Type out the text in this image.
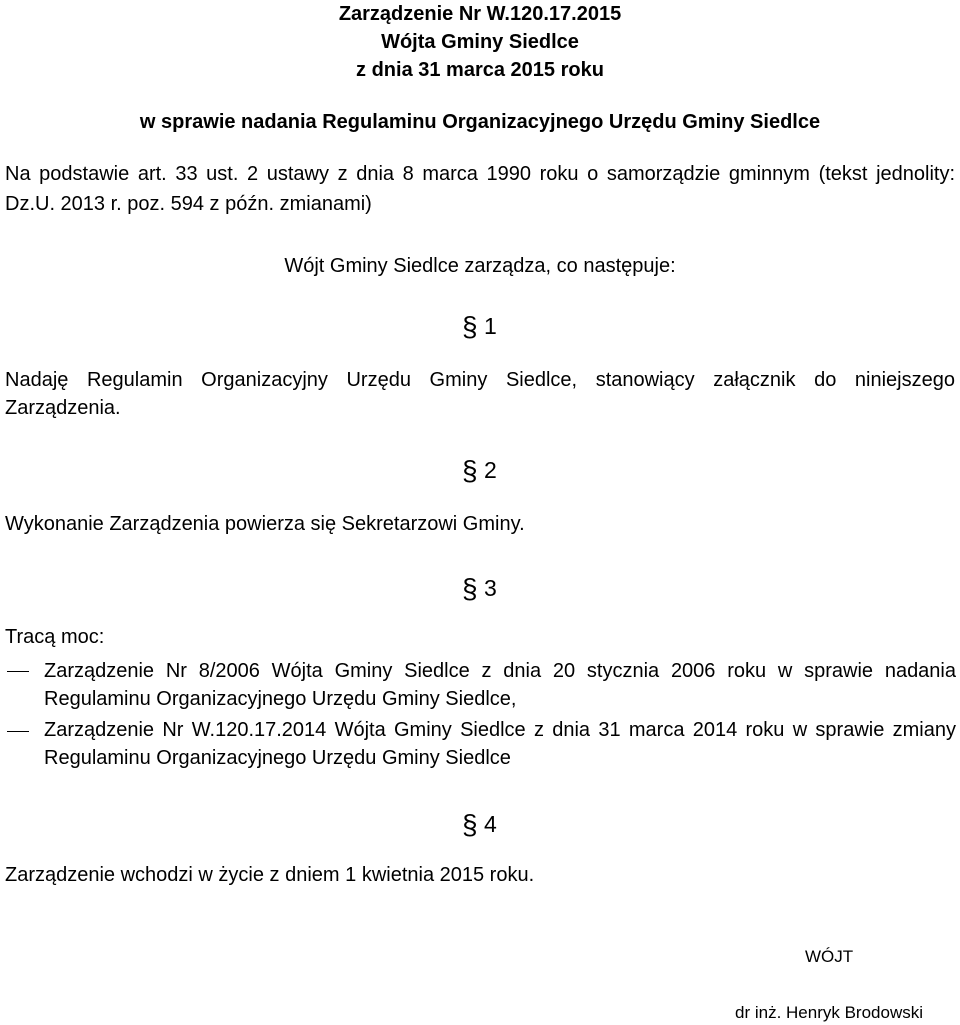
Zarządzenie Nr W.120.17.2015
Wójta Gminy Siedlce
z dnia 31 marca 2015 roku
w sprawie nadania Regulaminu Organizacyjnego Urzędu Gminy Siedlce
Na podstawie art. 33 ust. 2 ustawy z dnia 8 marca 1990 roku o samorządzie gminnym (tekst jednolity:
Dz.U. 2013 r. poz. 594 z późn. zmianami)
Wójt Gminy Siedlce zarządza, co następuje:
§ 1
Nadaję Regulamin Organizacyjny Urzędu Gminy Siedlce, stanowiący załącznik do niniejszego
Zarządzenia.
§ 2
Wykonanie Zarządzenia powierza się Sekretarzowi Gminy.
§ 3
Tracą moc:
Zarządzenie Nr 8/2006 Wójta Gminy Siedlce z dnia 20 stycznia 2006 roku w sprawie nadania
Regulaminu Organizacyjnego Urzędu Gminy Siedlce,
Zarządzenie Nr W.120.17.2014 Wójta Gminy Siedlce z dnia 31 marca 2014 roku w sprawie zmiany
Regulaminu Organizacyjnego Urzędu Gminy Siedlce
§ 4
Zarządzenie wchodzi w życie z dniem 1 kwietnia 2015 roku.
WÓJT
dr inż. Henryk Brodowski
